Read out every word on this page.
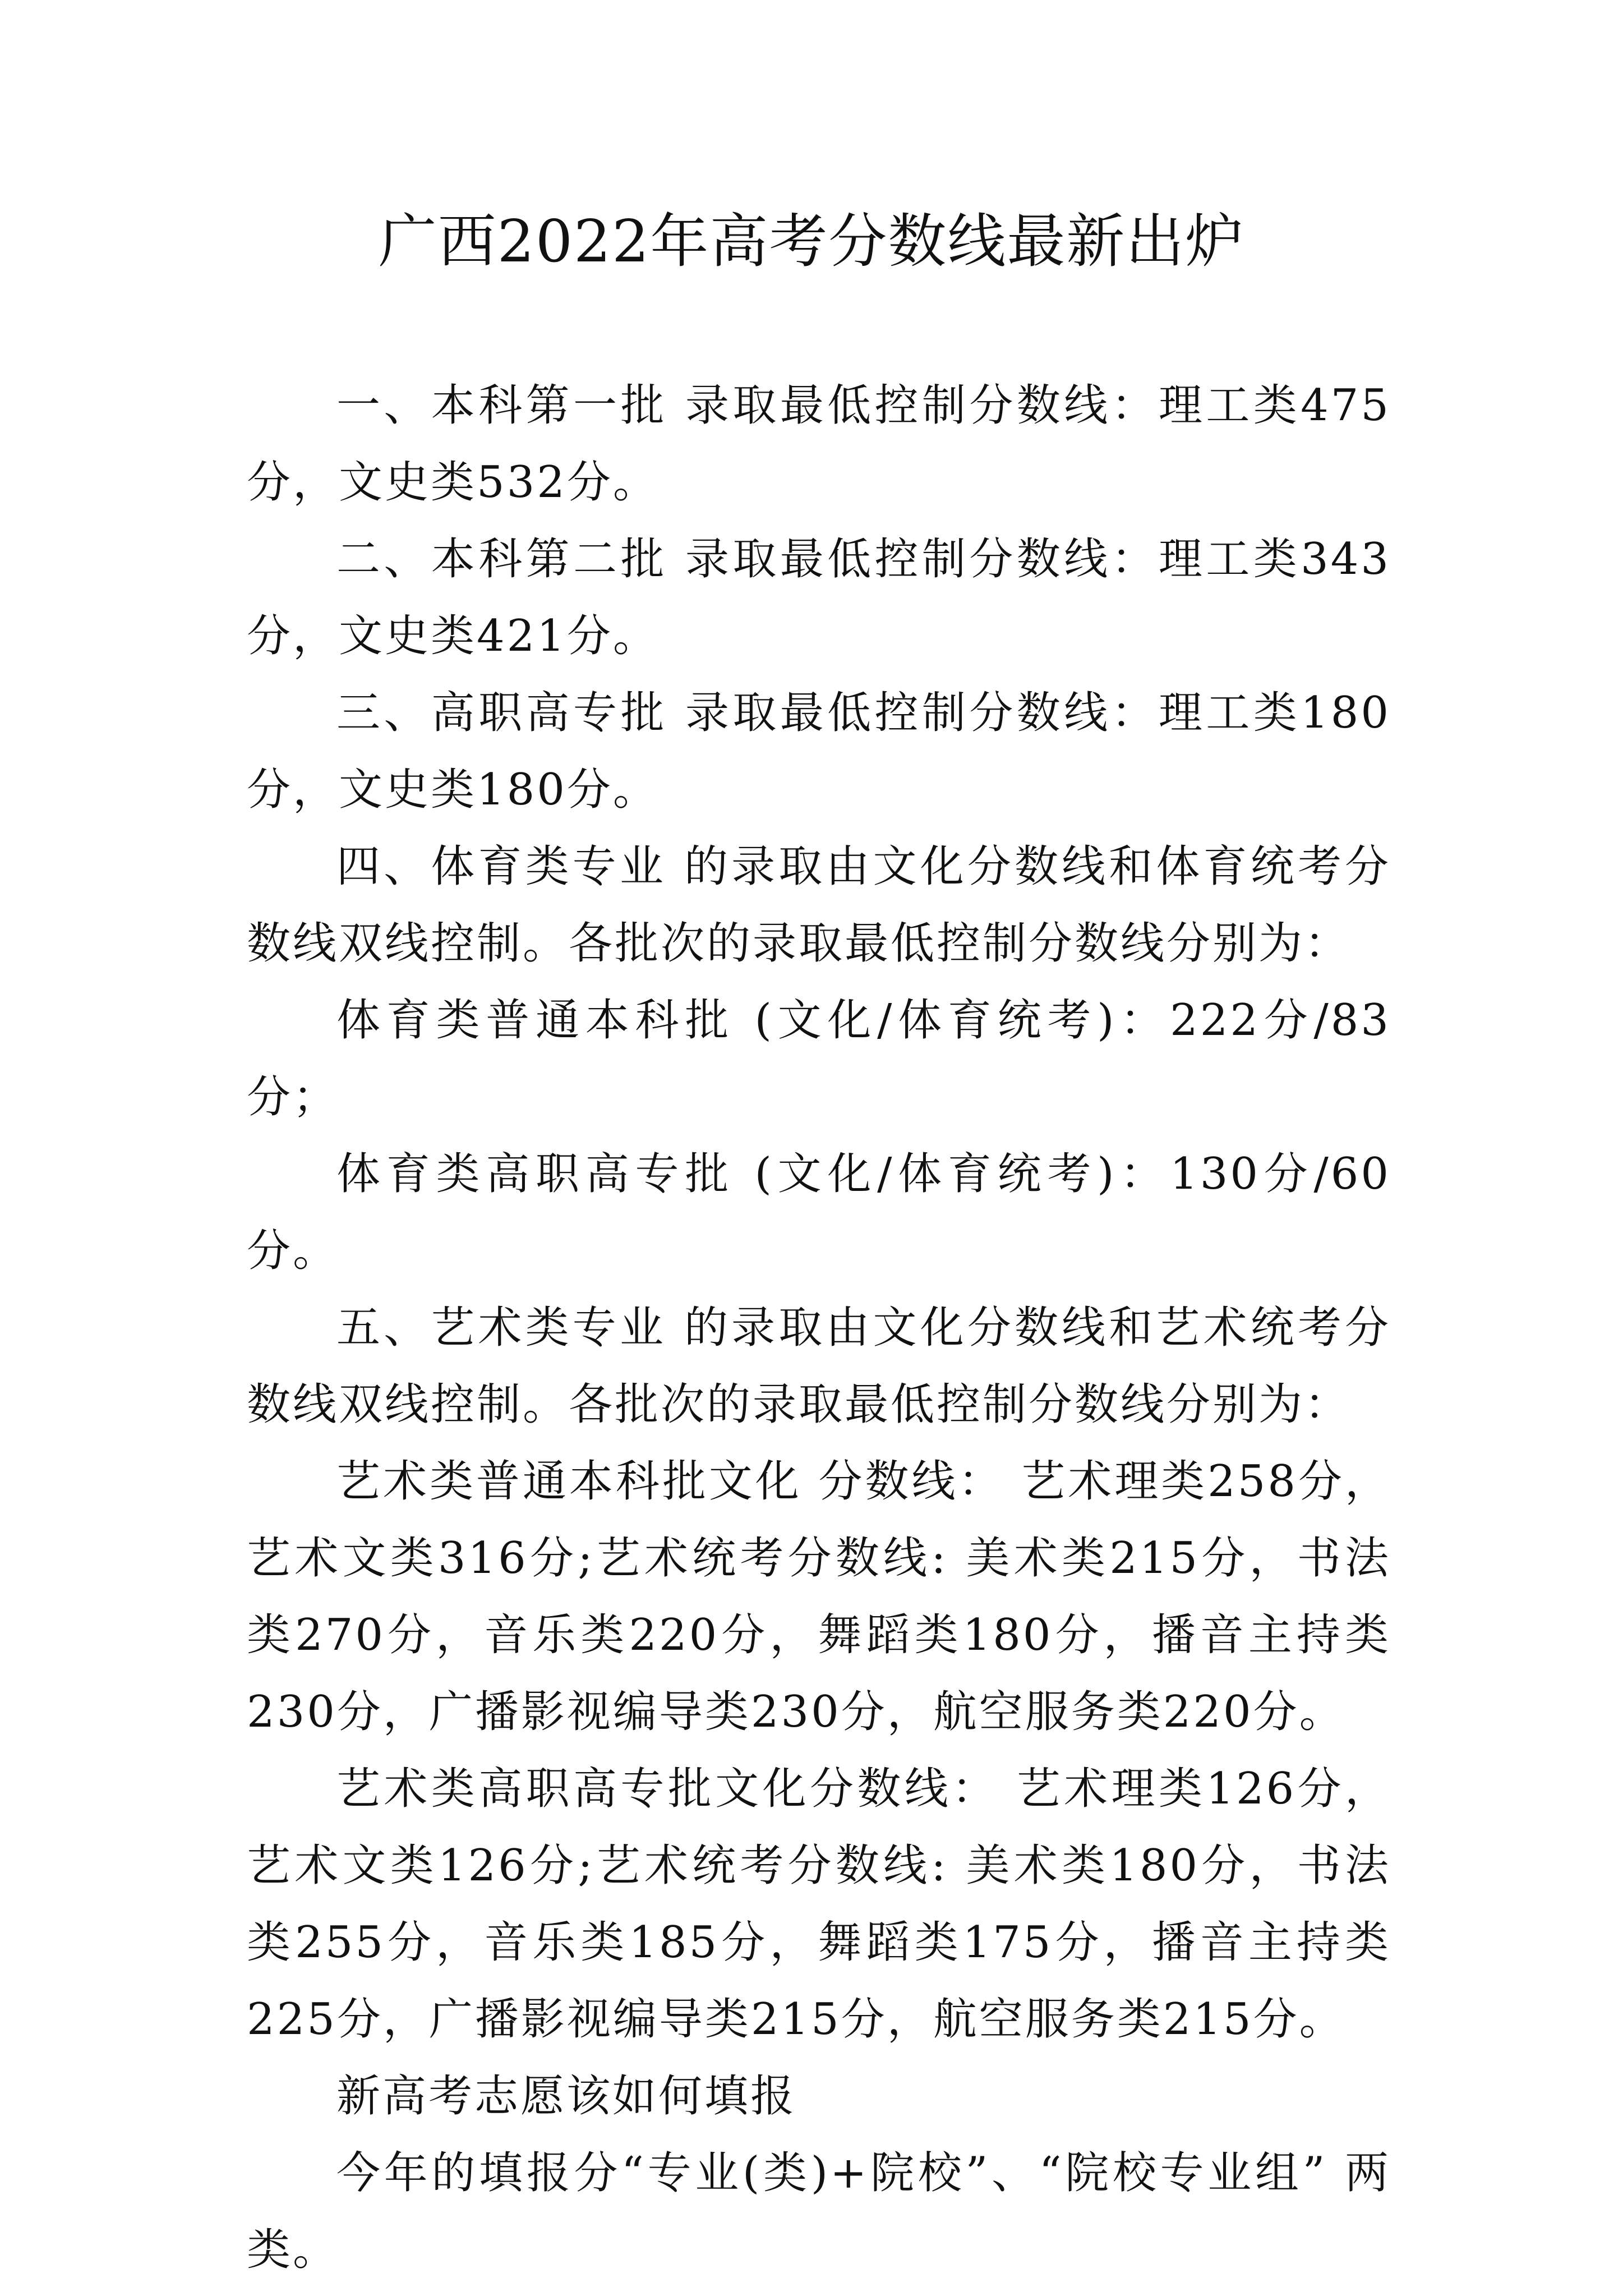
广西2022年高考分数线最新出炉

一、本科第一批 录取最低控制分数线：理工类475分，文史类532分。

二、本科第二批 录取最低控制分数线：理工类343分，文史类421分。

三、高职高专批 录取最低控制分数线：理工类180分，文史类180分。

四、体育类专业 的录取由文化分数线和体育统考分数线双线控制。各批次的录取最低控制分数线分别为：

体育类普通本科批 (文化/体育统考)：222分/83分；

体育类高职高专批 (文化/体育统考)：130分/60分。

五、艺术类专业 的录取由文化分数线和艺术统考分数线双线控制。各批次的录取最低控制分数线分别为：

艺术类普通本科批文化 分数线： 艺术理类258分，艺术文类316分;艺术统考分数线: 美术类215分，书法类270分，音乐类220分，舞蹈类180分，播音主持类230分，广播影视编导类230分，航空服务类220分。

艺术类高职高专批文化分数线： 艺术理类126分，艺术文类126分;艺术统考分数线: 美术类180分，书法类255分，音乐类185分，舞蹈类175分，播音主持类225分，广播影视编导类215分，航空服务类215分。

新高考志愿该如何填报

今年的填报分“专业(类)+院校”、“院校专业组” 两类。
